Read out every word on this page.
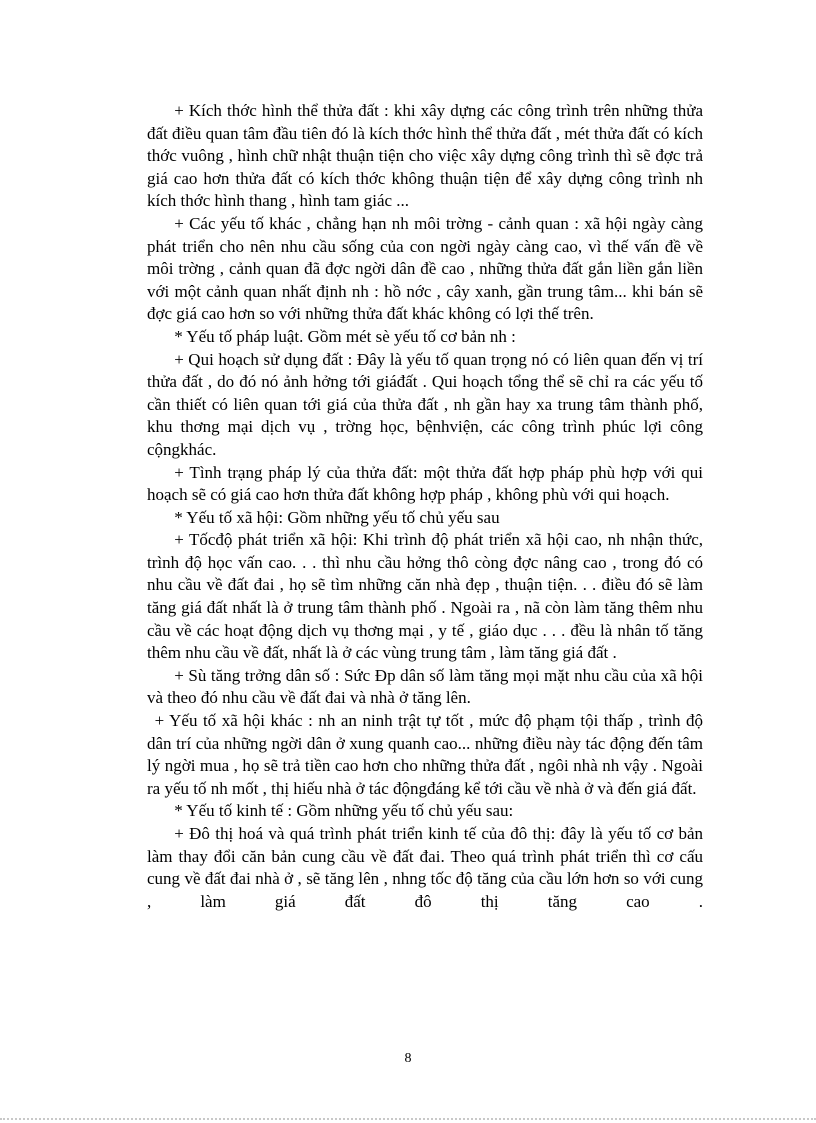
+ Kích thớc hình thể thửa đất : khi xây dựng các công trình trên những thửa đất điều quan tâm đầu tiên đó là kích thớc hình thể thửa đất , mét thửa đất có kích thớc vuông , hình chữ nhật thuận tiện cho việc xây dựng công trình thì sẽ đợc trả giá cao hơn thửa đất có kích thớc không thuận tiện để xây dựng công trình nh kích thớc hình thang , hình tam giác ...

+ Các yếu tố khác , chẳng hạn nh môi trờng - cảnh quan : xã hội ngày càng phát triển cho nên nhu cầu sống của con ngời ngày càng cao, vì thế vấn đề về môi trờng , cảnh quan đã đợc ngời dân đề cao , những thửa đất gắn liền gắn liền với một cảnh quan nhất định nh : hồ nớc , cây xanh, gần trung tâm... khi bán sẽ đợc giá cao hơn so với những thửa đất khác không có lợi thế trên.

* Yếu tố pháp luật. Gồm mét sè yếu tố cơ bản nh :

+ Qui hoạch sử dụng đất : Đây là yếu tố quan trọng nó có liên quan đến vị trí thửa đất , do đó nó ảnh hởng tới giáđất . Qui hoạch tổng thể sẽ chỉ ra các yếu tố cần thiết có liên quan tới giá của thửa đất , nh gần hay xa trung tâm thành phố, khu thơng mại dịch vụ , trờng học, bệnhviện, các công trình phúc lợi công cộngkhác.

+ Tình trạng pháp lý của thửa đất: một thửa đất hợp pháp phù hợp với qui hoạch sẽ có giá cao hơn thửa đất không hợp pháp , không phù với qui hoạch.

* Yếu tố xã hội: Gồm những yếu tố chủ yếu sau

+ Tốcđộ phát triển xã hội: Khi trình độ phát triển xã hội cao, nh nhận thức, trình độ học vấn cao. . . thì nhu cầu hởng thô còng đợc nâng cao , trong đó có nhu cầu về đất đai , họ sẽ tìm những căn nhà đẹp , thuận tiện. . . điều đó sẽ làm tăng giá đất nhất là ở trung tâm thành phố . Ngoài ra , nã còn làm tăng thêm nhu cầu về các hoạt động dịch vụ thơng mại , y tế , giáo dục . . . đều là nhân tố tăng thêm nhu cầu về đất, nhất là ở các vùng trung tâm , làm tăng giá đất .

+ Sù tăng trởng dân số : Sức Đp dân số làm tăng mọi mặt nhu cầu của xã hội và theo đó nhu cầu về đất đai và nhà ở tăng lên.

+ Yếu tố xã hội khác : nh an ninh trật tự tốt , mức độ phạm tội thấp , trình độ dân trí của những ngời dân ở xung quanh cao... những điều này tác động đến tâm lý ngời mua , họ sẽ trả tiền cao hơn cho những thửa đất , ngôi nhà nh vậy . Ngoài ra yếu tố nh mốt , thị hiếu nhà ở tác độngđáng kể tới cầu về nhà ở và đến giá đất.

* Yếu tố kinh tế : Gồm những yếu tố chủ yếu sau:

+ Đô thị hoá và quá trình phát triển kinh tế của đô thị: đây là yếu tố cơ bản làm thay đổi căn bản cung cầu về đất đai. Theo quá trình phát triển thì cơ cấu cung về đất đai nhà ở , sẽ tăng lên , nhng tốc độ tăng của cầu lớn hơn so với cung , làm giá đất đô thị tăng cao .

8
